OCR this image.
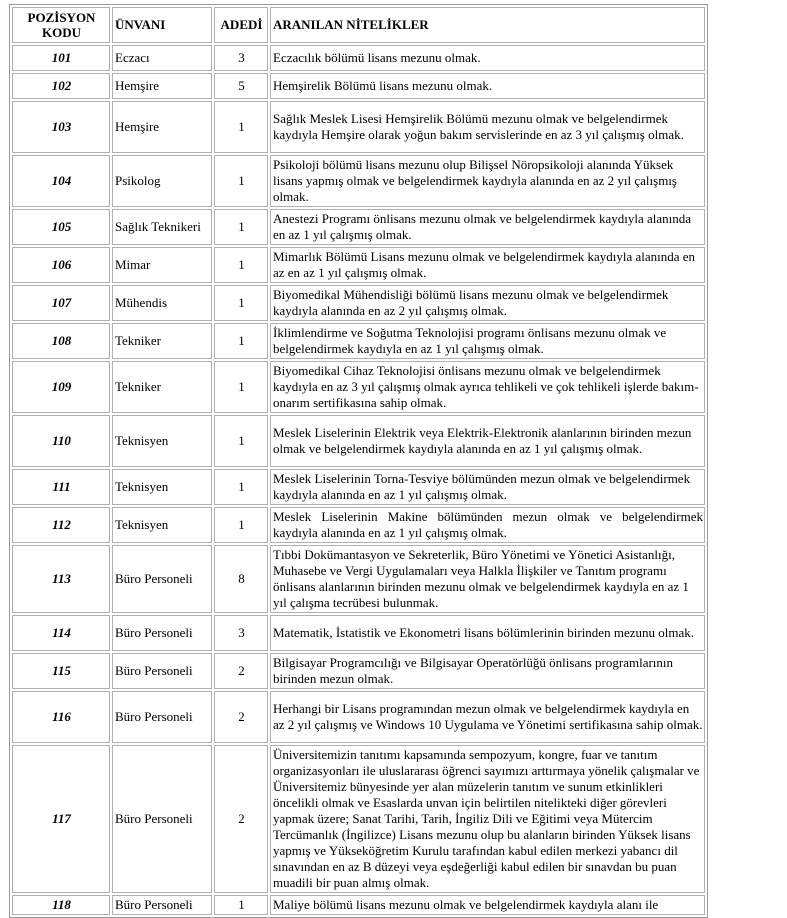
POZİSYON
KODU	ÜNVANI	ADEDİ	ARANILAN NİTELİKLER
101	Eczacı	3	Eczacılık bölümü lisans mezunu olmak.
102	Hemşire	5	Hemşirelik Bölümü lisans mezunu olmak.
103	Hemşire	1	Sağlık Meslek Lisesi Hemşirelik Bölümü mezunu olmak ve belgelendirmek kaydıyla Hemşire olarak yoğun bakım servislerinde en az 3 yıl çalışmış olmak.
104	Psikolog	1	Psikoloji bölümü lisans mezunu olup Bilişsel Nöropsikoloji alanında Yüksek lisans yapmış olmak ve belgelendirmek kaydıyla alanında en az 2 yıl çalışmış olmak.
105	Sağlık Teknikeri	1	Anestezi Programı önlisans mezunu olmak ve belgelendirmek kaydıyla alanında en az 1 yıl çalışmış olmak.
106	Mimar	1	Mimarlık Bölümü Lisans mezunu olmak ve belgelendirmek kaydıyla alanında en az en az 1 yıl çalışmış olmak.
107	Mühendis	1	Biyomedikal Mühendisliği bölümü lisans mezunu olmak ve belgelendirmek kaydıyla alanında en az 2 yıl çalışmış olmak.
108	Tekniker	1	İklimlendirme ve Soğutma Teknolojisi programı önlisans mezunu olmak ve belgelendirmek kaydıyla en az 1 yıl çalışmış olmak.
109	Tekniker	1	Biyomedikal Cihaz Teknolojisi önlisans mezunu olmak ve belgelendirmek kaydıyla en az 3 yıl çalışmış olmak ayrıca tehlikeli ve çok tehlikeli işlerde bakım-onarım sertifikasına sahip olmak.
110	Teknisyen	1	Meslek Liselerinin Elektrik veya Elektrik-Elektronik alanlarının birinden mezun olmak ve belgelendirmek kaydıyla alanında en az 1 yıl çalışmış olmak.
111	Teknisyen	1	Meslek Liselerinin Torna-Tesviye bölümünden mezun olmak ve belgelendirmek kaydıyla alanında en az 1 yıl çalışmış olmak.
112	Teknisyen	1	Meslek Liselerinin Makine bölümünden mezun olmak ve belgelendirmek kaydıyla alanında en az 1 yıl çalışmış olmak.
113	Büro Personeli	8	Tıbbi Dokümantasyon ve Sekreterlik, Büro Yönetimi ve Yönetici Asistanlığı, Muhasebe ve Vergi Uygulamaları veya Halkla İlişkiler ve Tanıtım programı önlisans alanlarının birinden mezunu olmak ve belgelendirmek kaydıyla en az 1 yıl çalışma tecrübesi bulunmak.
114	Büro Personeli	3	Matematik, İstatistik ve Ekonometri lisans bölümlerinin birinden mezunu olmak.
115	Büro Personeli	2	Bilgisayar Programcılığı ve Bilgisayar Operatörlüğü önlisans programlarının birinden mezun olmak.
116	Büro Personeli	2	Herhangi bir Lisans programından mezun olmak ve belgelendirmek kaydıyla en az 2 yıl çalışmış ve Windows 10 Uygulama ve Yönetimi sertifikasına sahip olmak.
117	Büro Personeli	2	Üniversitemizin tanıtımı kapsamında sempozyum, kongre, fuar ve tanıtım organizasyonları ile uluslararası öğrenci sayımızı arttırmaya yönelik çalışmalar ve Üniversitemiz bünyesinde yer alan müzelerin tanıtım ve sunum etkinlikleri öncelikli olmak ve Esaslarda unvan için belirtilen nitelikteki diğer görevleri yapmak üzere; Sanat Tarihi, Tarih, İngiliz Dili ve Eğitimi veya Mütercim Tercümanlık (İngilizce) Lisans mezunu olup bu alanların birinden Yüksek lisans yapmış ve Yükseköğretim Kurulu tarafından kabul edilen merkezi yabancı dil sınavından en az B düzeyi veya eşdeğerliği kabul edilen bir sınavdan bu puan muadili bir puan almış olmak.
118	Büro Personeli	1	Maliye bölümü lisans mezunu olmak ve belgelendirmek kaydıyla alanı ile
